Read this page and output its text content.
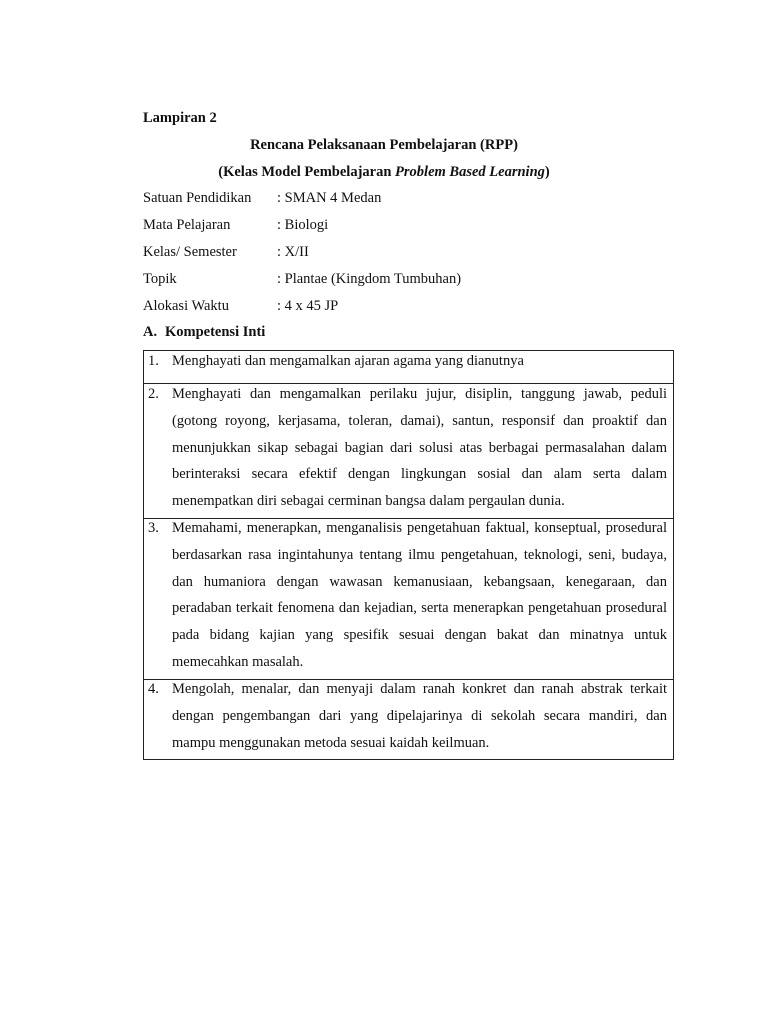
Lampiran 2
Rencana Pelaksanaan Pembelajaran (RPP)
(Kelas Model Pembelajaran Problem Based Learning)
Satuan Pendidikan : SMAN 4 Medan
Mata Pelajaran	: Biologi
Kelas/ Semester	: X/II
Topik	: Plantae (Kingdom Tumbuhan)
Alokasi Waktu	: 4 x 45 JP
A. Kompetensi Inti
1. Menghayati dan mengamalkan ajaran agama yang dianutnya
2. Menghayati dan mengamalkan perilaku jujur, disiplin, tanggung jawab, peduli (gotong royong, kerjasama, toleran, damai), santun, responsif dan proaktif dan menunjukkan sikap sebagai bagian dari solusi atas berbagai permasalahan dalam berinteraksi secara efektif dengan lingkungan sosial dan alam serta dalam menempatkan diri sebagai cerminan bangsa dalam pergaulan dunia.
3. Memahami, menerapkan, menganalisis pengetahuan faktual, konseptual, prosedural berdasarkan rasa ingintahunya tentang ilmu pengetahuan, teknologi, seni, budaya, dan humaniora dengan wawasan kemanusiaan, kebangsaan, kenegaraan, dan peradaban terkait fenomena dan kejadian, serta menerapkan pengetahuan prosedural pada bidang kajian yang spesifik sesuai dengan bakat dan minatnya untuk memecahkan masalah.
4. Mengolah, menalar, dan menyaji dalam ranah konkret dan ranah abstrak terkait dengan pengembangan dari yang dipelajarinya di sekolah secara mandiri, dan mampu menggunakan metoda sesuai kaidah keilmuan.
